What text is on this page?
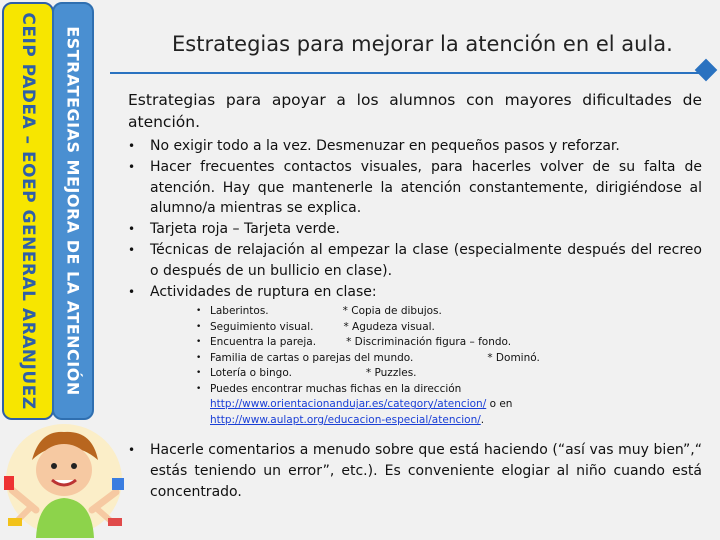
CEIP PADEA – EOEP GENERAL ARANJUEZ ESTRATEGIAS MEJORA DE LA ATENCIÓN	Estrategias para mejorar la atención en el aula.
Estrategias para apoyar a los alumnos con mayores dificultades de atención.
• No exigir todo a la vez. Desmenuzar en pequeños pasos y reforzar.
• Hacer frecuentes contactos visuales, para hacerles volver de su falta de atención. Hay que mantenerle la atención constantemente, dirigiéndose al alumno/a mientras se explica.
• Tarjeta roja – Tarjeta verde.
• Técnicas de relajación al empezar la clase (especialmente después del recreo o después de un bullicio en clase).
• Actividades de ruptura en clase:
• Laberintos.	* Copia de dibujos.
• Seguimiento visual.	* Agudeza visual.
• Encuentra la pareja.	* Discriminación figura – fondo.
• Familia de cartas o parejas del mundo.	* Dominó.
• Lotería o bingo.	* Puzzles.
• Puedes encontrar muchas fichas en la dirección
http://www.orientacionandujar.es/category/atencion/ o en
http://www.aulapt.org/educacion-especial/atencion/.
• Hacerle comentarios a menudo sobre que está haciendo (“así vas muy bien”,“ estás teniendo un error”, etc.). Es conveniente elogiar al niño cuando está concentrado.
